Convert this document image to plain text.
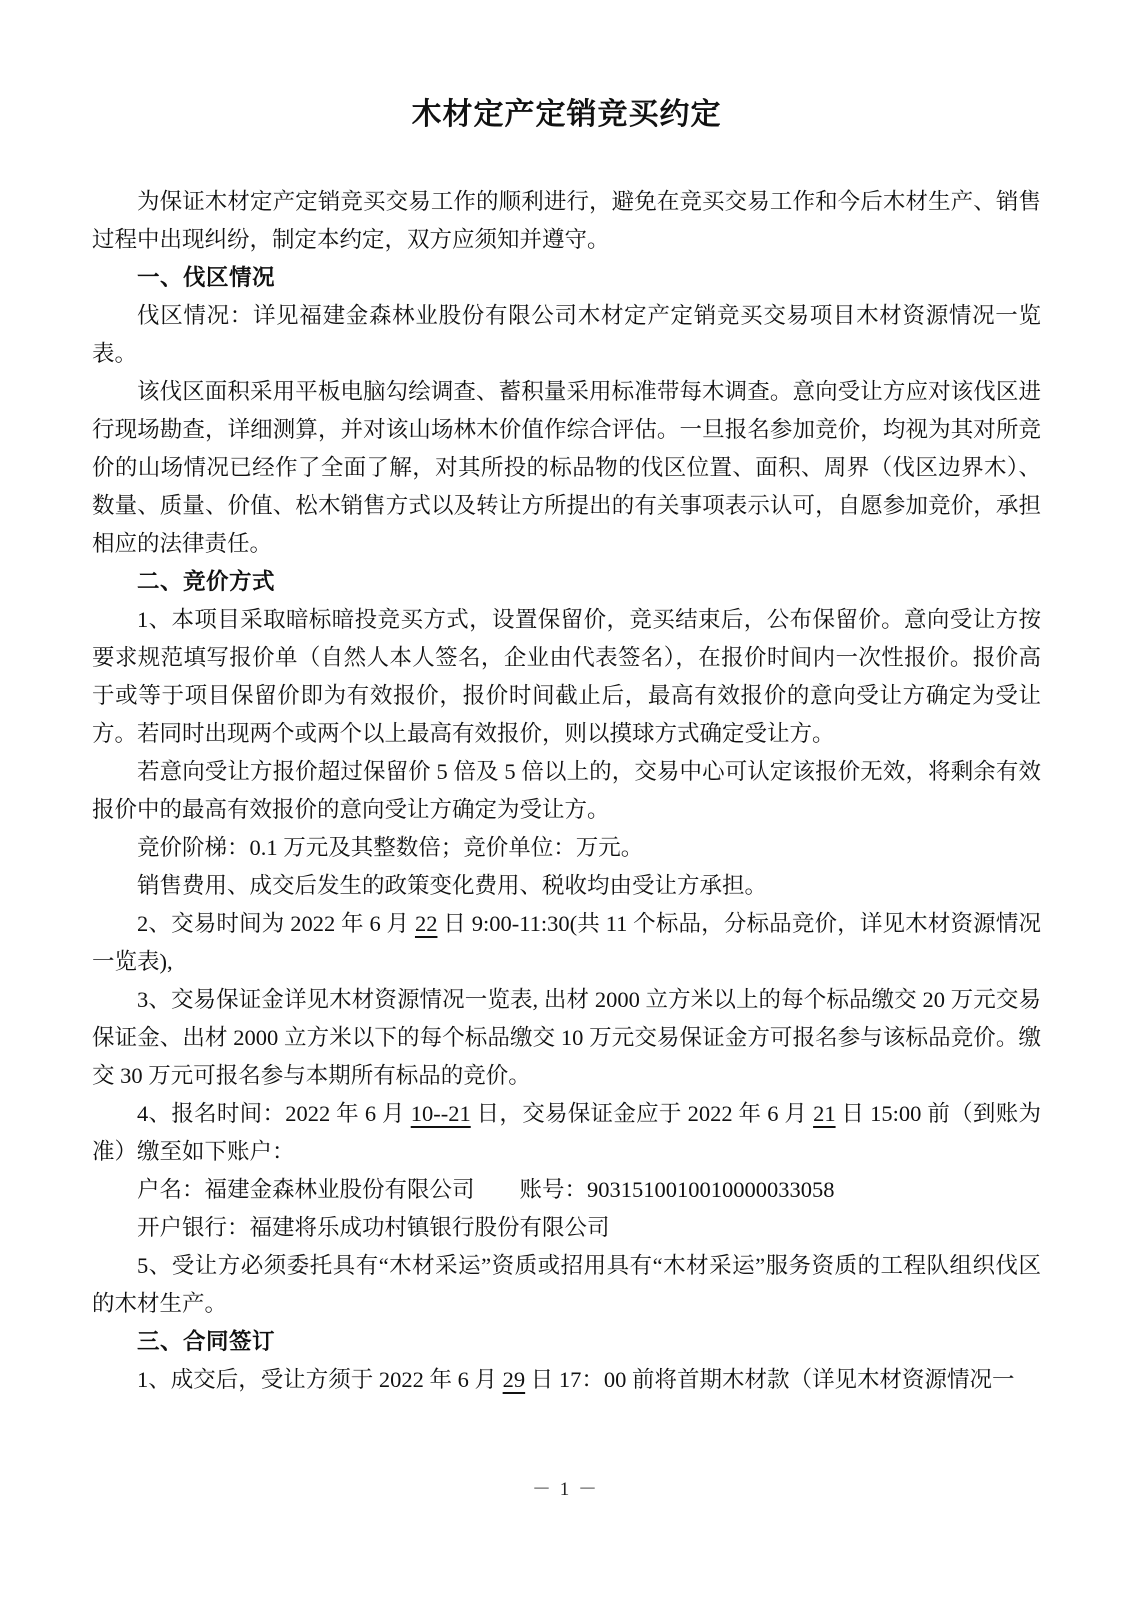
木材定产定销竞买约定

为保证木材定产定销竞买交易工作的顺利进行，避免在竞买交易工作和今后木材生产、销售过程中出现纠纷，制定本约定，双方应须知并遵守。

一、伐区情况

伐区情况：详见福建金森林业股份有限公司木材定产定销竞买交易项目木材资源情况一览表。

该伐区面积采用平板电脑勾绘调查、蓄积量采用标准带每木调查。意向受让方应对该伐区进行现场勘查，详细测算，并对该山场林木价值作综合评估。一旦报名参加竞价，均视为其对所竞价的山场情况已经作了全面了解，对其所投的标品物的伐区位置、面积、周界（伐区边界木）、数量、质量、价值、松木销售方式以及转让方所提出的有关事项表示认可，自愿参加竞价，承担相应的法律责任。

二、竞价方式

1、本项目采取暗标暗投竞买方式，设置保留价，竞买结束后，公布保留价。意向受让方按要求规范填写报价单（自然人本人签名，企业由代表签名），在报价时间内一次性报价。报价高于或等于项目保留价即为有效报价，报价时间截止后，最高有效报价的意向受让方确定为受让方。若同时出现两个或两个以上最高有效报价，则以摸球方式确定受让方。

若意向受让方报价超过保留价 5 倍及 5 倍以上的，交易中心可认定该报价无效，将剩余有效报价中的最高有效报价的意向受让方确定为受让方。

竞价阶梯：0.1 万元及其整数倍；竞价单位：万元。

销售费用、成交后发生的政策变化费用、税收均由受让方承担。

2、交易时间为 2022 年 6 月 22 日 9:00-11:30(共 11 个标品，分标品竞价，详见木材资源情况一览表),

3、交易保证金详见木材资源情况一览表, 出材 2000 立方米以上的每个标品缴交 20 万元交易保证金、出材 2000 立方米以下的每个标品缴交 10 万元交易保证金方可报名参与该标品竞价。缴交 30 万元可报名参与本期所有标品的竞价。

4、报名时间：2022 年 6 月 10--21 日，交易保证金应于 2022 年 6 月 21 日 15:00 前（到账为准）缴至如下账户：

户名：福建金森林业股份有限公司　　账号：9031510010010000033058

开户银行：福建将乐成功村镇银行股份有限公司

5、受让方必须委托具有“木材采运”资质或招用具有“木材采运”服务资质的工程队组织伐区的木材生产。

三、合同签订

1、成交后，受让方须于 2022 年 6 月 29 日 17：00 前将首期木材款（详见木材资源情况一

－ 1 －
